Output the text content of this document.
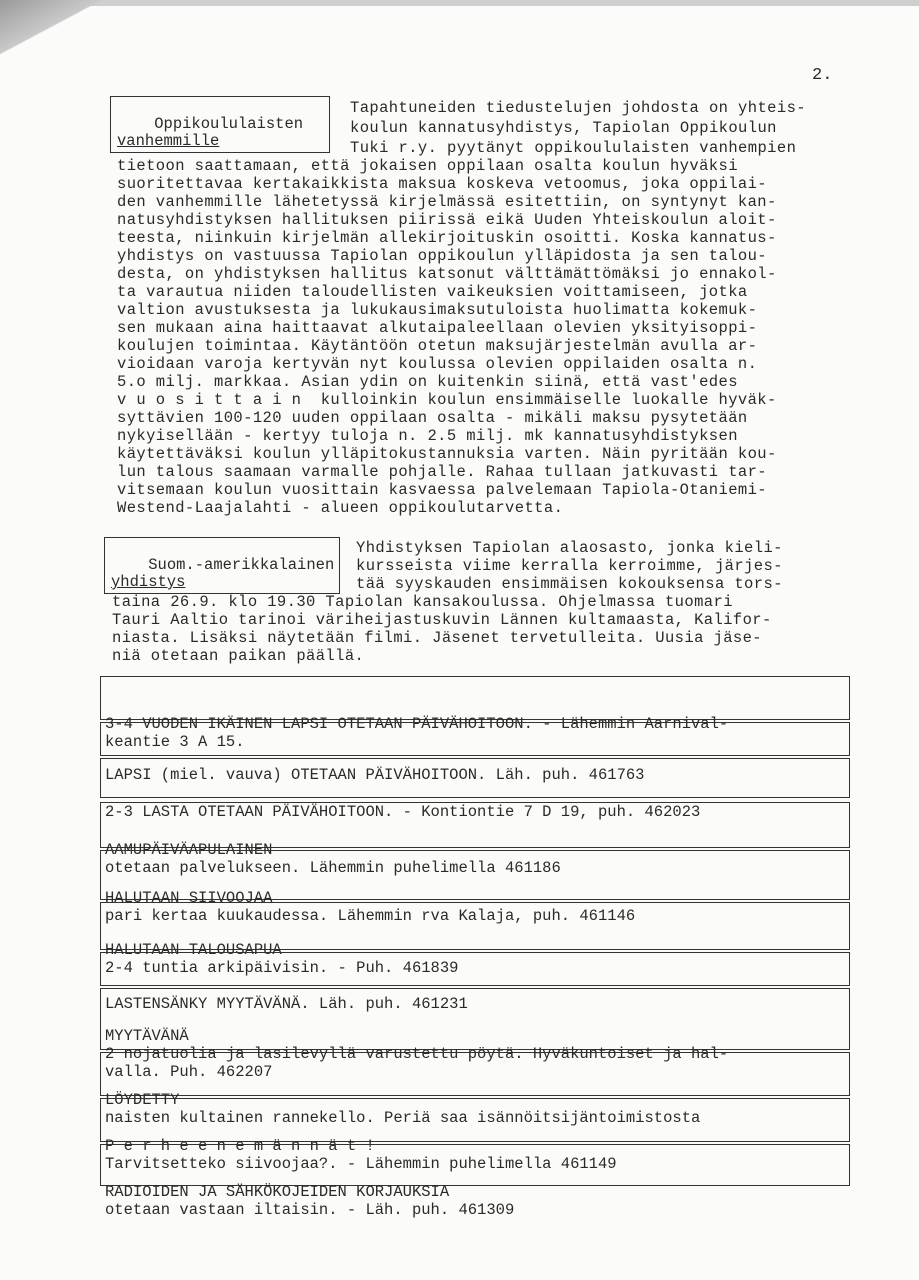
2.

Oppikoululaisten
vanhemmille
Tapahtuneiden tiedustelujen johdosta on yhteis-
koulun kannatusyhdistys, Tapiolan Oppikoulun
Tuki r.y. pyytänyt oppikoululaisten vanhempien
tietoon saattamaan, että jokaisen oppilaan osalta koulun hyväksi
suoritettavaa kertakaikkista maksua koskeva vetoomus, joka oppilai-
den vanhemmille lähetetyssä kirjelmässä esitettiin, on syntynyt kan-
natusyhdistyksen hallituksen piirissä eikä Uuden Yhteiskoulun aloit-
teesta, niinkuin kirjelmän allekirjoituskin osoitti. Koska kannatus-
yhdistys on vastuussa Tapiolan oppikoulun ylläpidosta ja sen talou-
desta, on yhdistyksen hallitus katsonut välttämättömäksi jo ennakol-
ta varautua niiden taloudellisten vaikeuksien voittamiseen, jotka
valtion avustuksesta ja lukukausimaksutuloista huolimatta kokemuk-
sen mukaan aina haittaavat alkutaipaleellaan olevien yksityisoppi-
koulujen toimintaa. Käytäntöön otetun maksujärjestelmän avulla ar-
vioidaan varoja kertyvän nyt koulussa olevien oppilaiden osalta n.
5.o milj. markkaa. Asian ydin on kuitenkin siinä, että vast'edes
v u o s i t t a i n  kulloinkin koulun ensimmäiselle luokalle hyväk-
syttävien 100-120 uuden oppilaan osalta - mikäli maksu pysytetään
nykyisellään - kertyy tuloja n. 2.5 milj. mk kannatusyhdistyksen
käytettäväksi koulun ylläpitokustannuksia varten. Näin pyritään kou-
lun talous saamaan varmalle pohjalle. Rahaa tullaan jatkuvasti tar-
vitsemaan koulun vuosittain kasvaessa palvelemaan Tapiola-Otaniemi-
Westend-Laajalahti - alueen oppikoulutarvetta.

Suom.-amerikkalainen
yhdistys
Yhdistyksen Tapiolan alaosasto, jonka kieli-
kursseista viime kerralla kerroimme, järjes-
tää syyskauden ensimmäisen kokouksensa tors-
taina 26.9. klo 19.30 Tapiolan kansakoulussa. Ohjelmassa tuomari
Tauri Aaltio tarinoi väriheijastuskuvin Lännen kultamaasta, Kalifor-
niasta. Lisäksi näytetään filmi. Jäsenet tervetulleita. Uusia jäse-
niä otetaan paikan päällä.

3-4 VUODEN IKÄINEN LAPSI OTETAAN PÄIVÄHOITOON. - Lähemmin Aarnival-
keantie 3 A 15.

LAPSI (miel. vauva) OTETAAN PÄIVÄHOITOON. Läh. puh. 461763

2-3 LASTA OTETAAN PÄIVÄHOITOON. - Kontiontie 7 D 19, puh. 462023

AAMUPÄIVÄAPULAINEN
otetaan palvelukseen. Lähemmin puhelimella 461186

HALUTAAN SIIVOOJAA
pari kertaa kuukaudessa. Lähemmin rva Kalaja, puh. 461146

HALUTAAN TALOUSAPUA
2-4 tuntia arkipäivisin. - Puh. 461839

LASTENSÄNKY MYYTÄVÄNÄ. Läh. puh. 461231

MYYTÄVÄNÄ
2 nojatuolia ja lasilevyllä varustettu pöytä. Hyväkuntoiset ja hal-
valla. Puh. 462207

LÖYDETTY
naisten kultainen rannekello. Periä saa isännöitsijäntoimistosta

P e r h e e n e m ä n n ä t !
Tarvitsetteko siivoojaa?. - Lähemmin puhelimella 461149

RADIOIDEN JA SÄHKÖKOJEIDEN KORJAUKSIA
otetaan vastaan iltaisin. - Läh. puh. 461309
